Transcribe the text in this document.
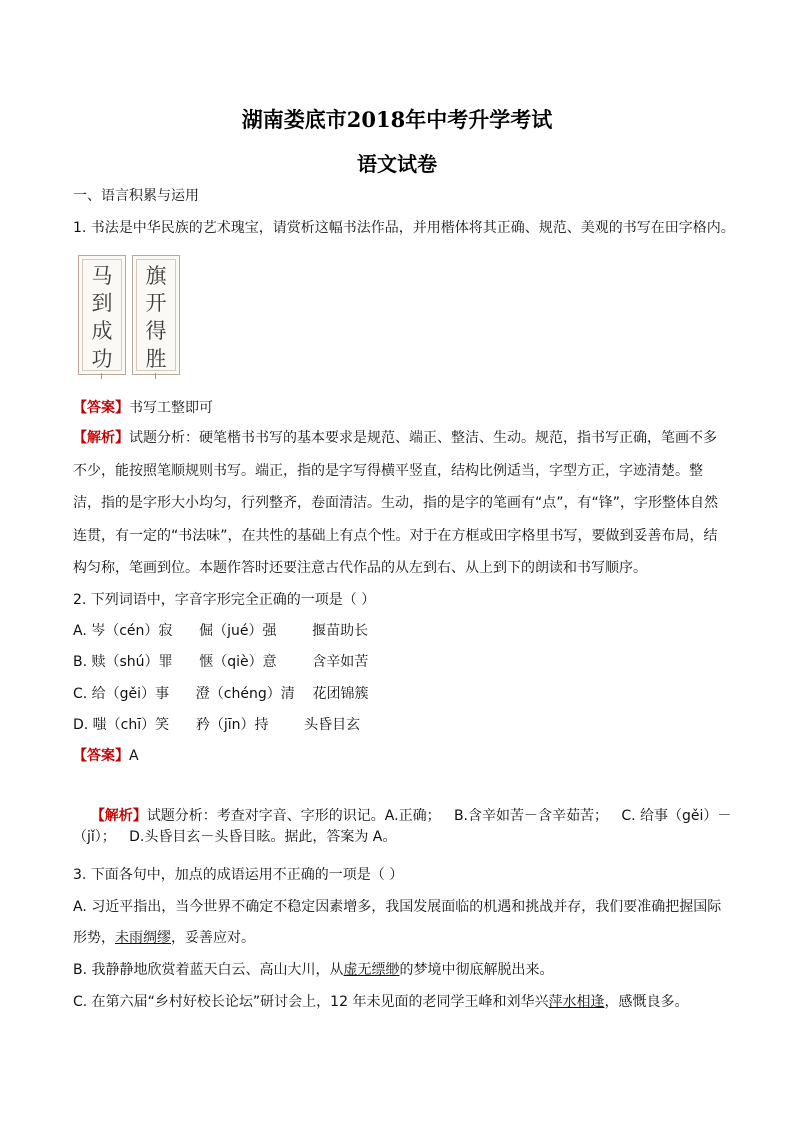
湖南娄底市2018年中考升学考试
语文试卷
一、语言积累与运用
1. 书法是中华民族的艺术瑰宝，请赏析这幅书法作品，并用楷体将其正确、规范、美观的书写在田字格内。
马
到
成
功
旗
开
得
胜
【答案】书写工整即可
【解析】试题分析：硬笔楷书书写的基本要求是规范、端正、整洁、生动。规范，指书写正确，笔画不多不少，能按照笔顺规则书写。端正，指的是字写得横平竖直，结构比例适当，字型方正，字迹清楚。整洁，指的是字形大小均匀，行列整齐，卷面清洁。生动，指的是字的笔画有“点”，有“锋”，字形整体自然连贯，有一定的“书法味”，在共性的基础上有点个性。对于在方框或田字格里书写，要做到妥善布局，结构匀称，笔画到位。本题作答时还要注意古代作品的从左到右、从上到下的朗读和书写顺序。
2. 下列词语中，字音字形完全正确的一项是（ ）
A. 岑（cén）寂      倔（jué）强        揠苗助长
B. 赎（shú）罪      惬（qiè）意        含辛如苦
C. 给（gěi）事      澄（chéng）清    花团锦簇
D. 嗤（chī）笑      矜（jīn）持        头昏目玄
【答案】A

【解析】试题分析：考查对字音、字形的识记。A.正确；   B.含辛如苦－含辛茹苦；   C. 给事（gěi）－

（jǐ）；   D.头昏目玄－头昏目眩。据此，答案为 A。
3. 下面各句中，加点的成语运用不正确的一项是（ ）
A. 习近平指出，当今世界不确定不稳定因素增多，我国发展面临的机遇和挑战并存，我们要准确把握国际
形势，未雨绸缪，妥善应对。
B. 我静静地欣赏着蓝天白云、高山大川，从虚无缥缈的梦境中彻底解脱出来。
C. 在第六届“乡村好校长论坛”研讨会上，12 年未见面的老同学王峰和刘华兴萍水相逢，感慨良多。
